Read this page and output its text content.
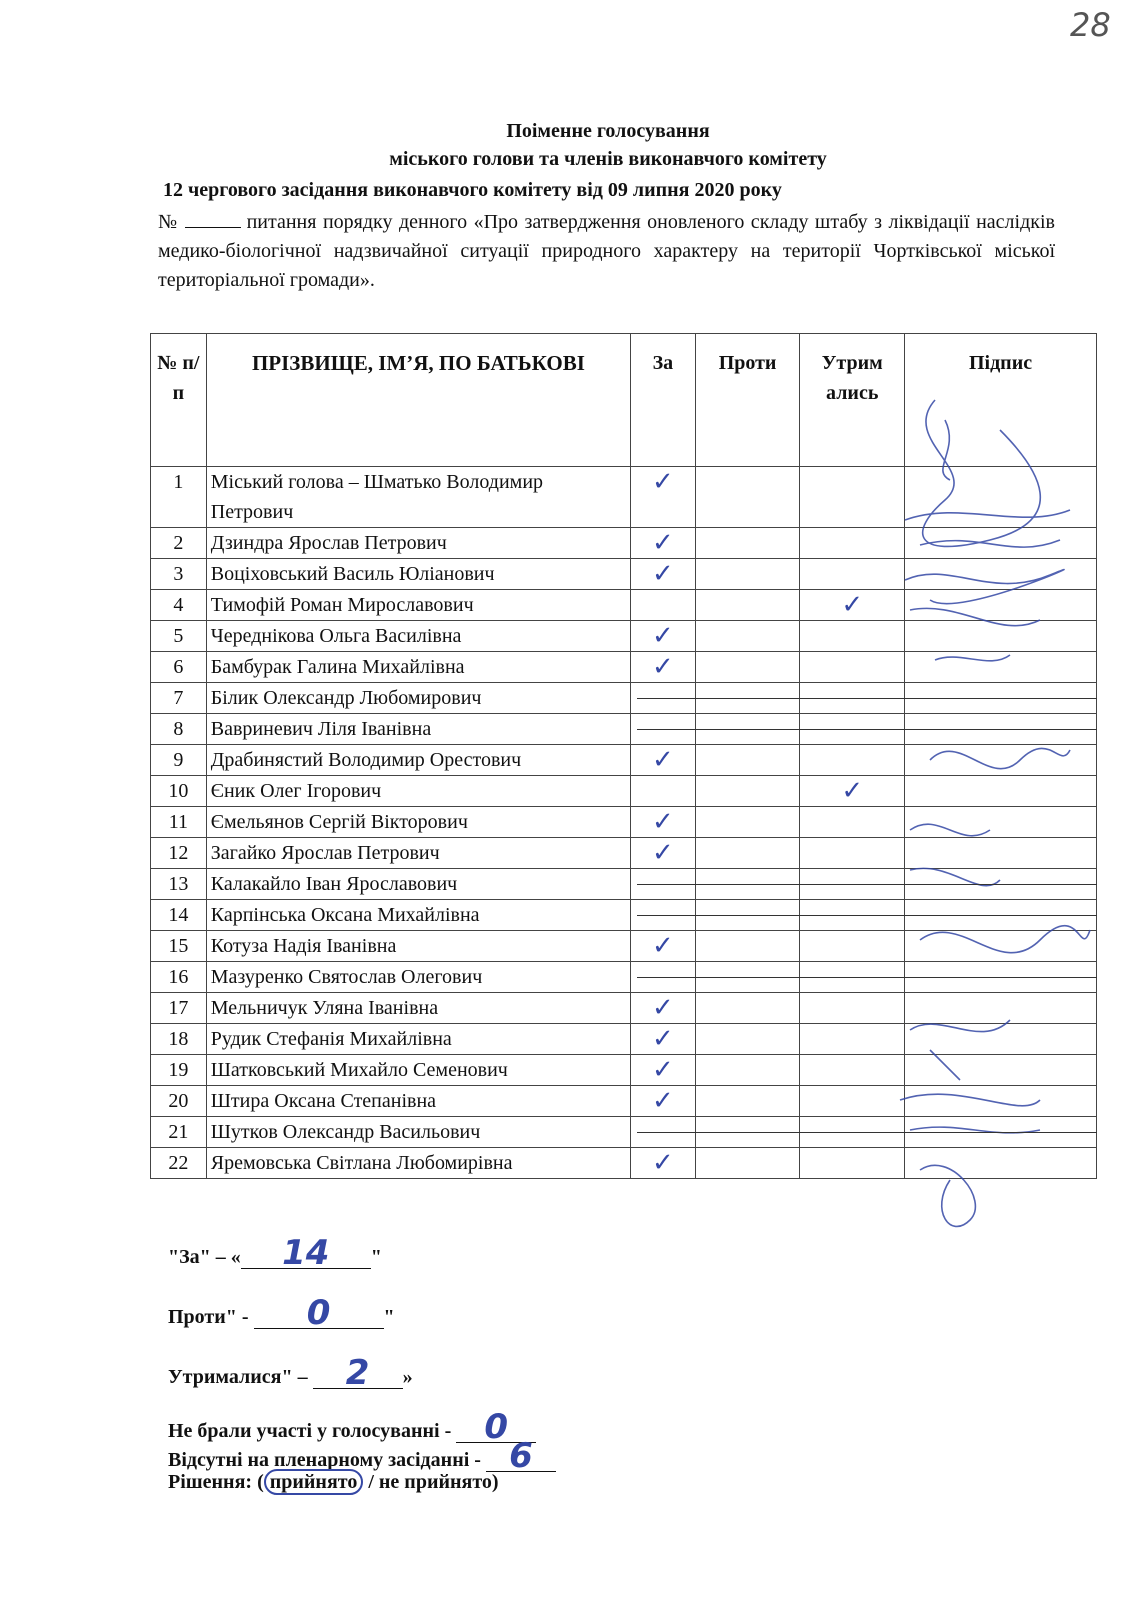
28
Поіменне голосування
міського голови та членів виконавчого комітету
12 чергового засідання виконавчого комітету від 09 липня 2020 року
№	питання порядку денного «Про затвердження оновленого складу штабу з ліквідації наслідків медико-біологічної надзвичайної ситуації природного характеру на території Чортківської міської територіальної громади».
№ п/п	ПРІЗВИЩЕ, ІМ’Я, ПО БАТЬКОВІ	За	Проти	Утрим ались	Підпис
1	Міський голова – Шматько Володимир Петрович	✓			
2	Дзиндра Ярослав Петрович	✓			
3	Воціховський Василь Юліанович	✓			
4	Тимофій Роман Мирославович			✓	
5	Череднікова Ольга Василівна	✓			
6	Бамбурак Галина Михайлівна	✓			
7	Білик Олександр Любомирович				
8	Вавриневич Ліля Іванівна				
9	Драбинястий Володимир Орестович	✓			
10	Єник Олег Ігорович			✓	
11	Ємельянов Сергій Вікторович	✓			
12	Загайко Ярослав Петрович	✓			
13	Калакайло Іван Ярославович				
14	Карпінська Оксана Михайлівна				
15	Котуза Надія Іванівна	✓			
16	Мазуренко Святослав Олегович				
17	Мельничук Уляна Іванівна	✓			
18	Рудик Стефанія Михайлівна	✓			
19	Шатковський Михайло Семенович	✓			
20	Штира Оксана Степанівна	✓			
21	Шутков Олександр Васильович				
22	Яремовська Світлана Любомирівна	✓			
"За" – « 14 "
Проти" - 0	"
Утрималися" – 2 »
Не брали участі у голосуванні - 0
Відсутні на пленарному засіданні - 6
Рішення: ( прийнято / не прийнято)
